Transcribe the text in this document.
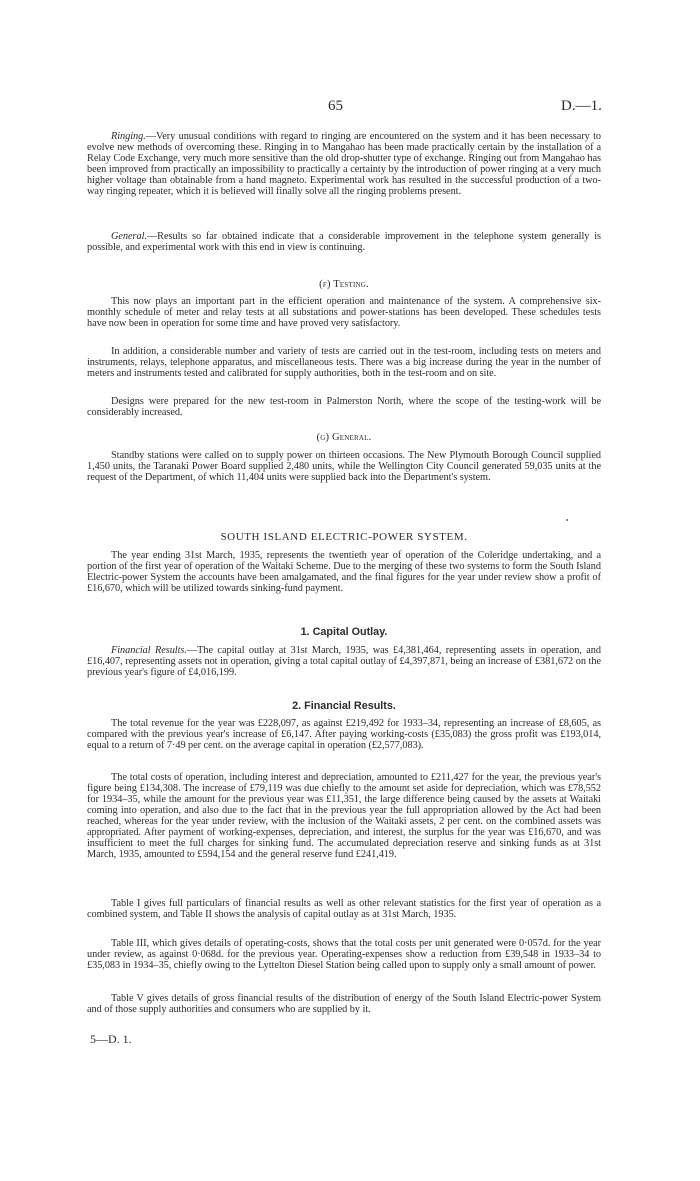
65	D.—1.

Ringing.—Very unusual conditions with regard to ringing are encountered on the system and it has been necessary to evolve new methods of overcoming these. Ringing in to Mangahao has been made practically certain by the installation of a Relay Code Exchange, very much more sensitive than the old drop-shutter type of exchange. Ringing out from Mangahao has been improved from practically an impossibility to practically a certainty by the introduction of power ringing at a very much higher voltage than obtainable from a hand magneto. Experimental work has resulted in the successful production of a two-way ringing repeater, which it is believed will finally solve all the ringing problems present.

General.—Results so far obtained indicate that a considerable improvement in the telephone system generally is possible, and experimental work with this end in view is continuing.

(f) Testing.

This now plays an important part in the efficient operation and maintenance of the system. A comprehensive six-monthly schedule of meter and relay tests at all substations and power-stations has been developed. These schedules tests have now been in operation for some time and have proved very satisfactory.

In addition, a considerable number and variety of tests are carried out in the test-room, including tests on meters and instruments, relays, telephone apparatus, and miscellaneous tests. There was a big increase during the year in the number of meters and instruments tested and calibrated for supply authorities, both in the test-room and on site.

Designs were prepared for the new test-room in Palmerston North, where the scope of the testing-work will be considerably increased.

(g) General.

Standby stations were called on to supply power on thirteen occasions. The New Plymouth Borough Council supplied 1,450 units, the Taranaki Power Board supplied 2,480 units, while the Wellington City Council generated 59,035 units at the request of the Department, of which 11,404 units were supplied back into the Department's system.

SOUTH ISLAND ELECTRIC-POWER SYSTEM.

The year ending 31st March, 1935, represents the twentieth year of operation of the Coleridge undertaking, and a portion of the first year of operation of the Waitaki Scheme. Due to the merging of these two systems to form the South Island Electric-power System the accounts have been amalgamated, and the final figures for the year under review show a profit of £16,670, which will be utilized towards sinking-fund payment.

1. Capital Outlay.

Financial Results.—The capital outlay at 31st March, 1935, was £4,381,464, representing assets in operation, and £16,407, representing assets not in operation, giving a total capital outlay of £4,397,871, being an increase of £381,672 on the previous year's figure of £4,016,199.

2. Financial Results.

The total revenue for the year was £228,097, as against £219,492 for 1933–34, representing an increase of £8,605, as compared with the previous year's increase of £6,147. After paying working-costs (£35,083) the gross profit was £193,014, equal to a return of 7·49 per cent. on the average capital in operation (£2,577,083).

The total costs of operation, including interest and depreciation, amounted to £211,427 for the year, the previous year's figure being £134,308. The increase of £79,119 was due chiefly to the amount set aside for depreciation, which was £78,552 for 1934–35, while the amount for the previous year was £11,351, the large difference being caused by the assets at Waitaki coming into operation, and also due to the fact that in the previous year the full appropriation allowed by the Act had been reached, whereas for the year under review, with the inclusion of the Waitaki assets, 2 per cent. on the combined assets was appropriated. After payment of working-expenses, depreciation, and interest, the surplus for the year was £16,670, and was insufficient to meet the full charges for sinking fund. The accumulated depreciation reserve and sinking funds as at 31st March, 1935, amounted to £594,154 and the general reserve fund £241,419.

Table I gives full particulars of financial results as well as other relevant statistics for the first year of operation as a combined system, and Table II shows the analysis of capital outlay as at 31st March, 1935.

Table III, which gives details of operating-costs, shows that the total costs per unit generated were 0·057d. for the year under review, as against 0·068d. for the previous year. Operating-expenses show a reduction from £39,548 in 1933–34 to £35,083 in 1934–35, chiefly owing to the Lyttelton Diesel Station being called upon to supply only a small amount of power.

Table V gives details of gross financial results of the distribution of energy of the South Island Electric-power System and of those supply authorities and consumers who are supplied by it.

5—D. 1.
